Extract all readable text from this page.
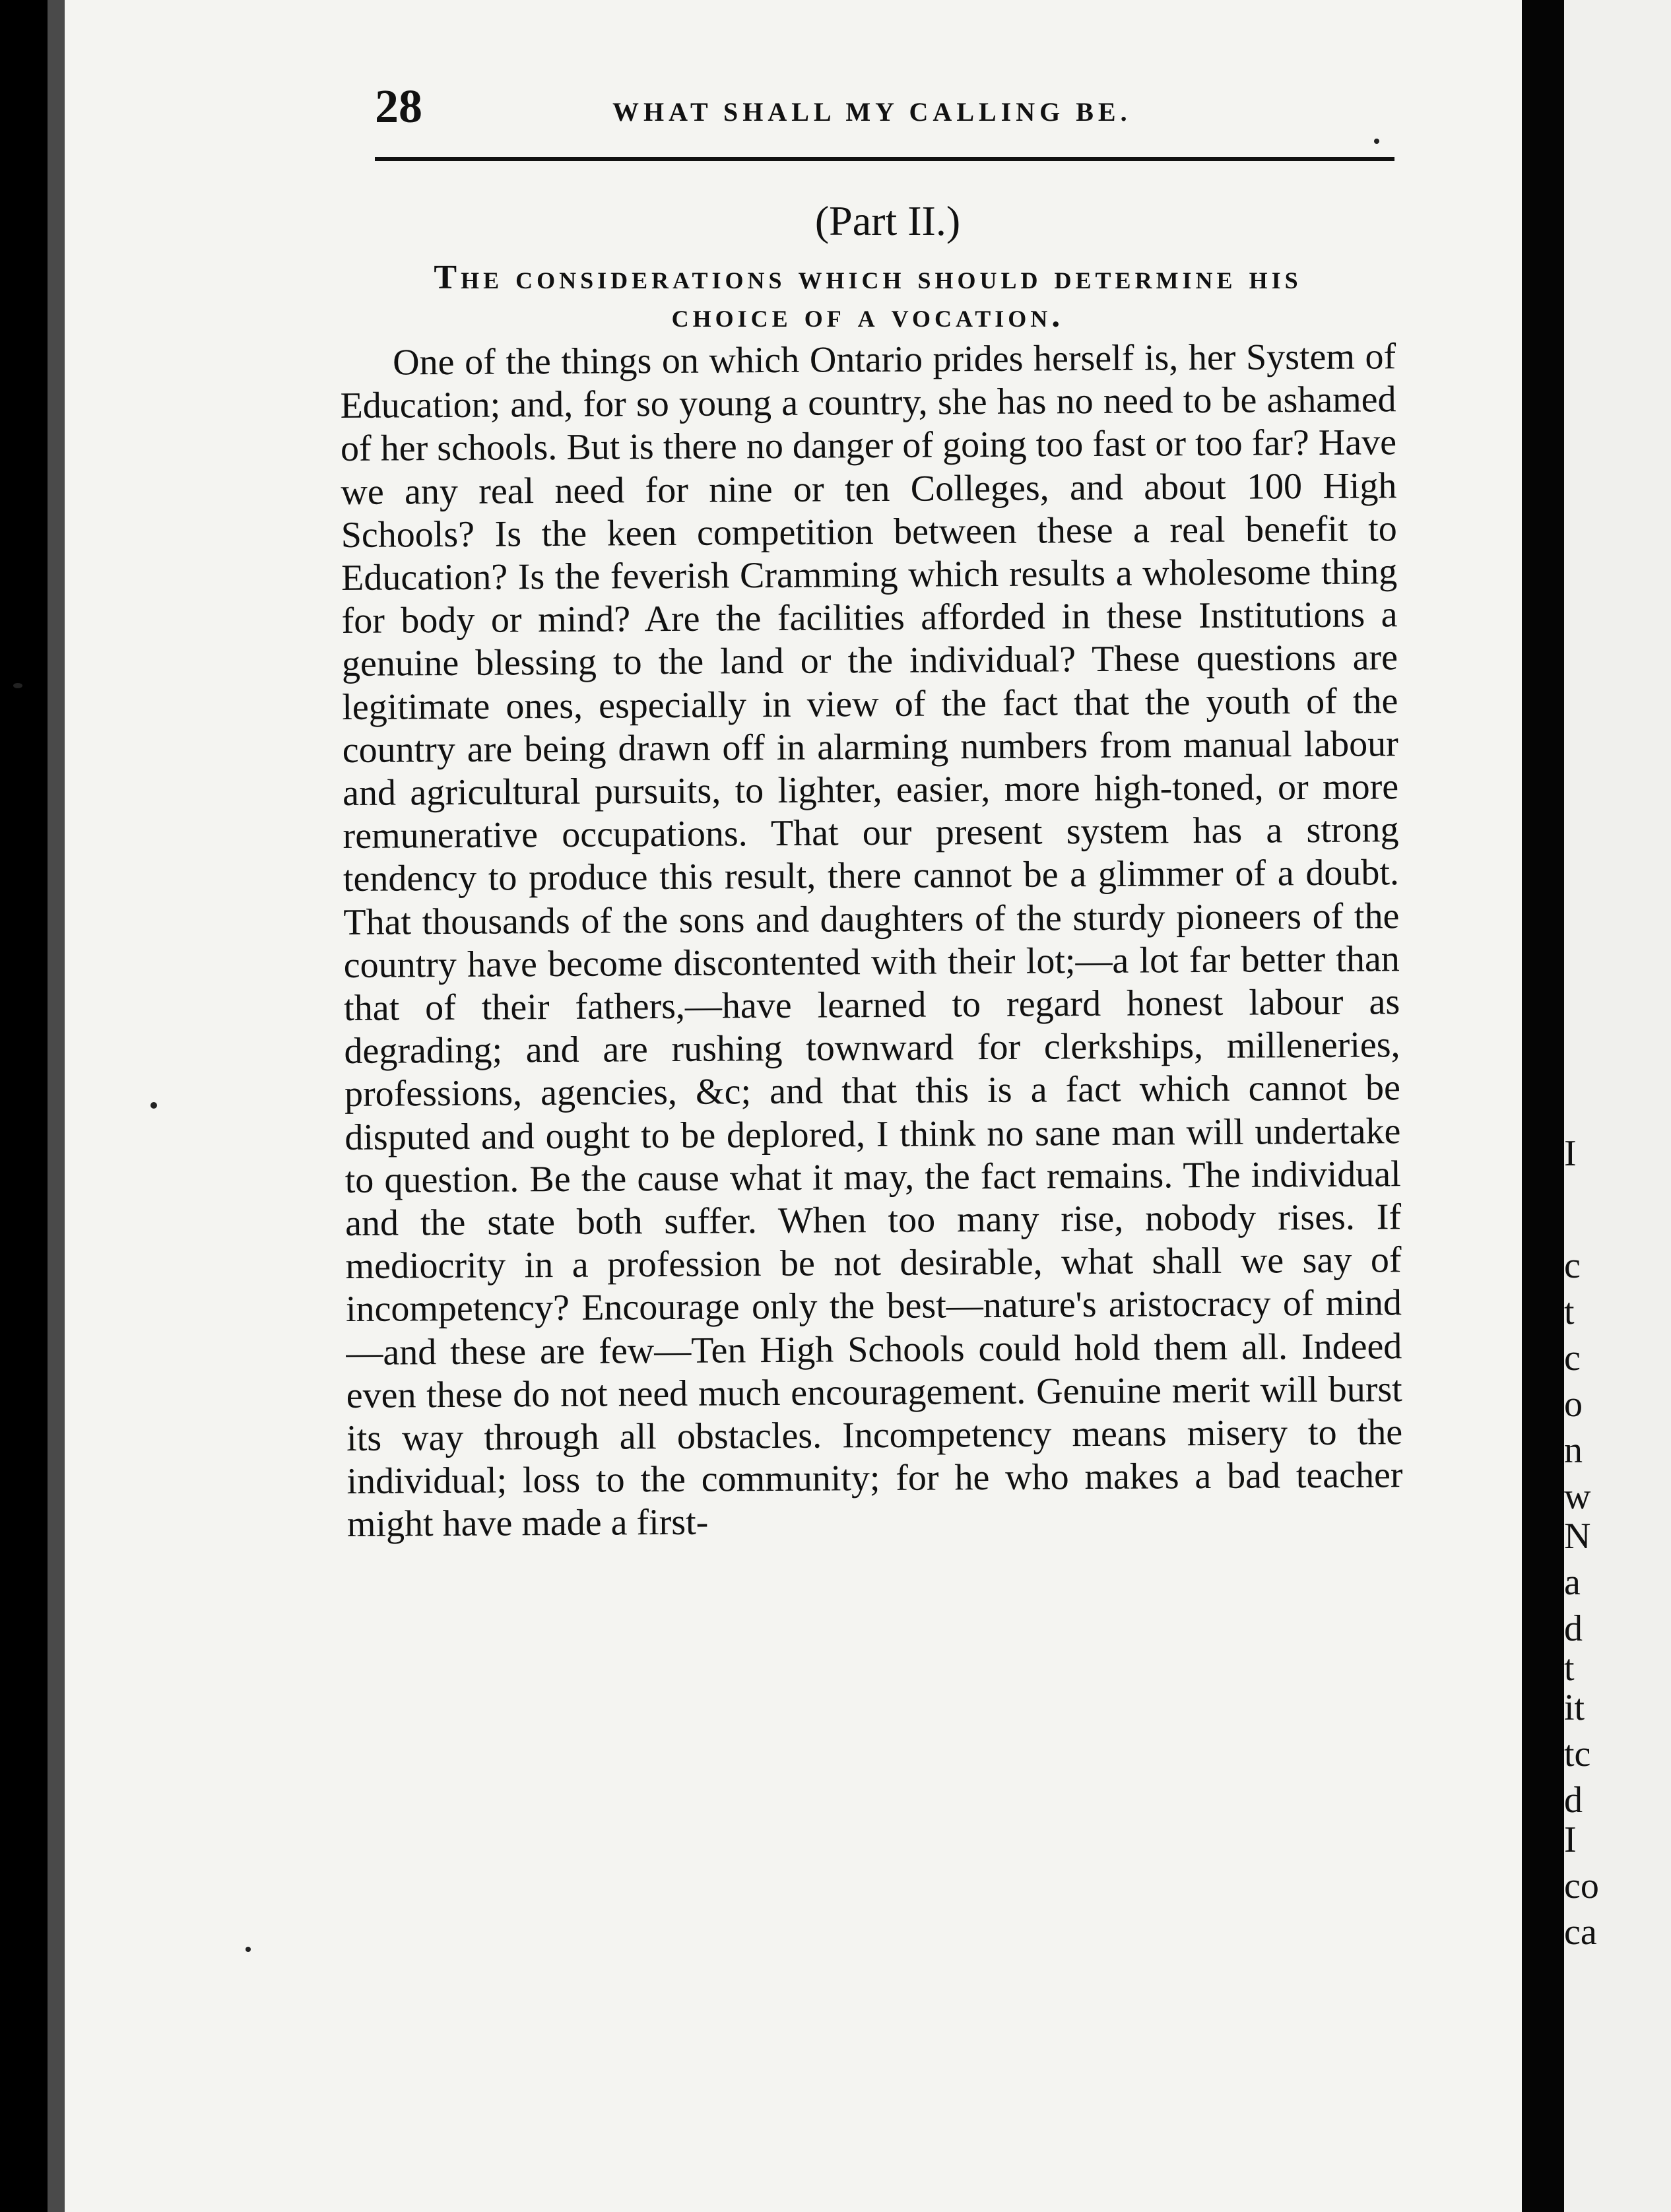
28	WHAT SHALL MY CALLING BE.
(Part II.)
The considerations which should determine his
choice of a vocation.

One of the things on which Ontario prides herself is, her System of Education; and, for so young a country, she has no need to be ashamed of her schools. But is there no danger of going too fast or too far? Have we any real need for nine or ten Colleges, and about 100 High Schools? Is the keen competition between these a real benefit to Education? Is the feverish Cramming which results a wholesome thing for body or mind? Are the facilities afforded in these Institutions a genuine blessing to the land or the individual? These questions are legitimate ones, especially in view of the fact that the youth of the country are being drawn off in alarming numbers from manual labour and agricultural pursuits, to lighter, easier, more high-toned, or more remunerative occupations. That our present system has a strong tendency to produce this result, there cannot be a glimmer of a doubt. That thousands of the sons and daughters of the sturdy pioneers of the country have become discontented with their lot;—a lot far better than that of their fathers,—have learned to regard honest labour as degrading; and are rushing townward for clerkships, milleneries, professions, agencies, &c; and that this is a fact which cannot be disputed and ought to be deplored, I think no sane man will undertake to question. Be the cause what it may, the fact remains. The individual and the state both suffer. When too many rise, nobody rises. If mediocrity in a profession be not desirable, what shall we say of incompetency? Encourage only the best—nature's aristocracy of mind—and these are few—Ten High Schools could hold them all. Indeed even these do not need much encouragement. Genuine merit will burst its way through all obstacles. Incompetency means misery to the individual; loss to the community; for he who makes a bad teacher might have made a first-

I
c
t
c
o
n
w
N
a
d
t
it
tc
d
I
co
ca
